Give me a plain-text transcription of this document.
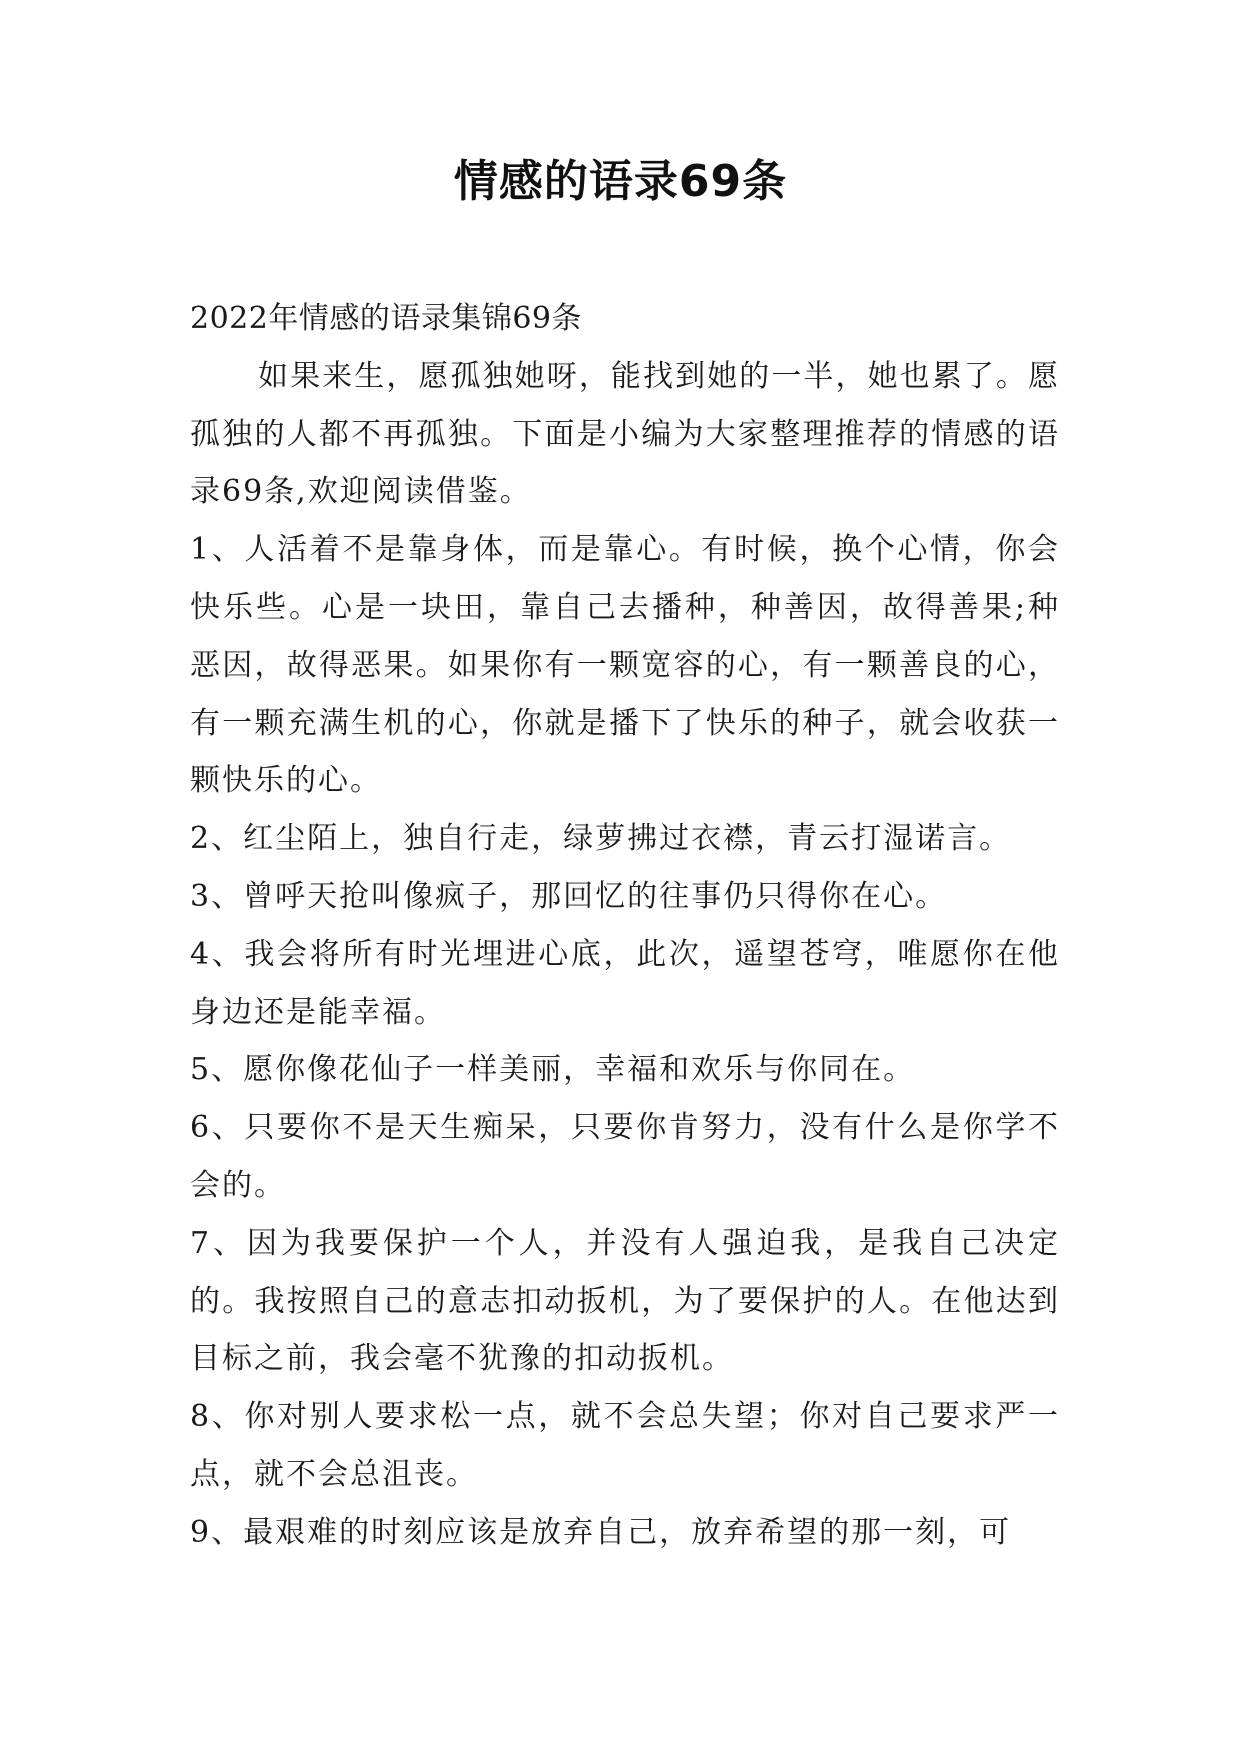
情感的语录69条

2022年情感的语录集锦69条

如果来生，愿孤独她呀，能找到她的一半，她也累了。愿孤独的人都不再孤独。下面是小编为大家整理推荐的情感的语录69条,欢迎阅读借鉴。

1、人活着不是靠身体，而是靠心。有时候，换个心情，你会快乐些。心是一块田，靠自己去播种，种善因，故得善果;种恶因，故得恶果。如果你有一颗宽容的心，有一颗善良的心，有一颗充满生机的心，你就是播下了快乐的种子，就会收获一颗快乐的心。

2、红尘陌上，独自行走，绿萝拂过衣襟，青云打湿诺言。

3、曾呼天抢叫像疯子，那回忆的往事仍只得你在心。

4、我会将所有时光埋进心底，此次，遥望苍穹，唯愿你在他身边还是能幸福。

5、愿你像花仙子一样美丽，幸福和欢乐与你同在。

6、只要你不是天生痴呆，只要你肯努力，没有什么是你学不会的。

7、因为我要保护一个人，并没有人强迫我，是我自己决定的。我按照自己的意志扣动扳机，为了要保护的人。在他达到目标之前，我会毫不犹豫的扣动扳机。

8、你对别人要求松一点，就不会总失望；你对自己要求严一点，就不会总沮丧。

9、最艰难的时刻应该是放弃自己，放弃希望的那一刻，可
